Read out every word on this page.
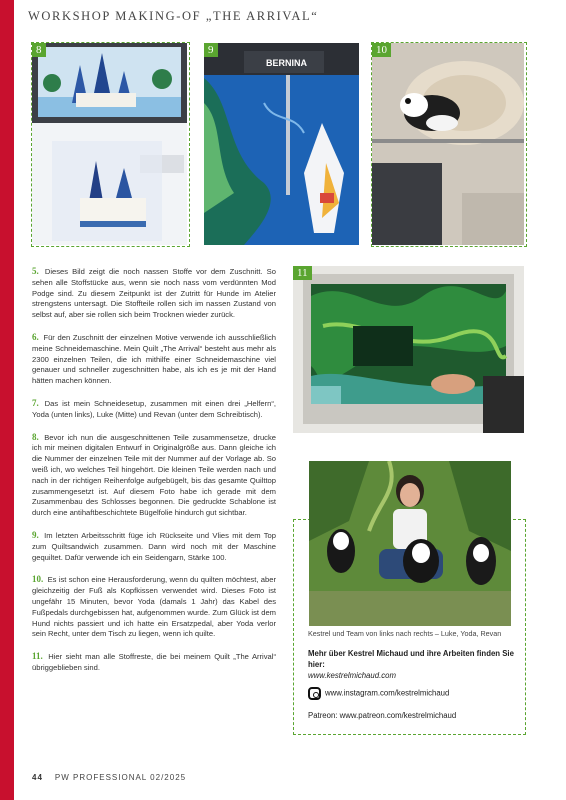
WORKSHOP MAKING-OF „THE ARRIVAL“
8
BERNINA
9	10
11

5. Dieses Bild zeigt die noch nassen Stoffe vor dem Zuschnitt. So sehen alle Stoffstücke aus, wenn sie noch nass vom verdünnten Mod Podge sind. Zu diesem Zeitpunkt ist der Zutritt für Hunde im Atelier strengstens untersagt. Die Stoffteile rollen sich im nassen Zustand von selbst auf, aber sie rollen sich beim Trocknen wieder zurück.

6. Für den Zuschnitt der einzelnen Motive verwende ich ausschließlich meine Schneidemaschine. Mein Quilt „The Arrival“ besteht aus mehr als 2300 einzelnen Teilen, die ich mithilfe einer Schneidemaschine viel genauer und schneller zugeschnitten habe, als ich es je mit der Hand hätten machen können.

7. Das ist mein Schneidesetup, zusammen mit einen drei „Helfern“, Yoda (unten links), Luke (Mitte) und Revan (unter dem Schreibtisch).

8. Bevor ich nun die ausgeschnittenen Teile zusammensetze, drucke ich mir meinen digitalen Entwurf in Originalgröße aus. Dann gleiche ich die Nummer der einzelnen Teile mit der Nummer auf der Vorlage ab. So weiß ich, wo welches Teil hingehört. Die kleinen Teile werden nach und nach in der richtigen Reihenfolge aufgebügelt, bis das gesamte Quilttop zusammengesetzt ist. Auf diesem Foto habe ich gerade mit dem Zusammenbau des Schlosses begonnen. Die gedruckte Schablone ist durch eine antihaftbeschichtete Bügelfolie hindurch gut sichtbar.

9. Im letzten Arbeitsschritt füge ich Rückseite und Vlies mit dem Top zum Quiltsandwich zusammen. Dann wird noch mit der Maschine gequiltet. Dafür verwende ich ein Seidengarn, Stärke 100.

10. Es ist schon eine Herausforderung, wenn du quilten möchtest, aber gleichzeitig der Fuß als Kopfkissen verwendet wird. Dieses Foto ist ungefähr 15 Minuten, bevor Yoda (damals 1 Jahr) das Kabel des Fußpedals durchgebissen hat, aufgenommen wurde. Zum Glück ist dem Hund nichts passiert und ich hatte ein Ersatzpedal, aber Yoda verlor sein Recht, unter dem Tisch zu liegen, wenn ich quilte.

11. Hier sieht man alle Stoffreste, die bei meinem Quilt „The Arrival“ übriggeblieben sind.

Kestrel und Team von links nach rechts – Luke, Yoda, Revan
Mehr über Kestrel Michaud und ihre Arbeiten finden Sie hier:
www.kestrelmichaud.com
www.instagram.com/kestrelmichaud
Patreon: www.patreon.com/kestrelmichaud
44 PW PROFESSIONAL 02/2025
